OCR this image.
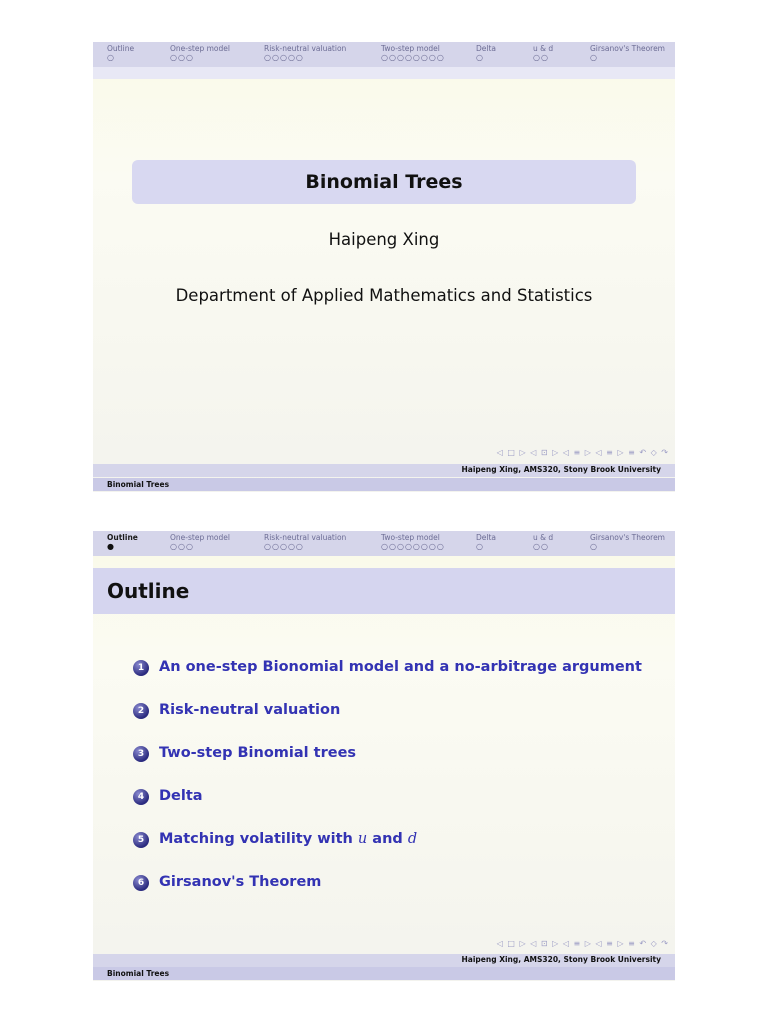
Outline
○
One-step model
○○○
Risk-neutral valuation
○○○○○
Two-step model
○○○○○○○○
Delta
○
u & d
○○
Girsanov's Theorem
○
Binomial Trees
Haipeng Xing
Department of Applied Mathematics and Statistics
◁ □ ▷ ◁ ⊡ ▷ ◁ ≡ ▷ ◁ ≡ ▷ ≡ ↶ ◇ ↷
Haipeng Xing, AMS320, Stony Brook University
Binomial Trees
Outline
●
One-step model
○○○
Risk-neutral valuation
○○○○○
Two-step model
○○○○○○○○
Delta
○
u & d
○○
Girsanov's Theorem
○
Outline
1	An one-step Bionomial model and a no-arbitrage argument
2	Risk-neutral valuation
3	Two-step Binomial trees
4	Delta
5	Matching volatility with u and d
6	Girsanov's Theorem
◁ □ ▷ ◁ ⊡ ▷ ◁ ≡ ▷ ◁ ≡ ▷ ≡ ↶ ◇ ↷
Haipeng Xing, AMS320, Stony Brook University
Binomial Trees
